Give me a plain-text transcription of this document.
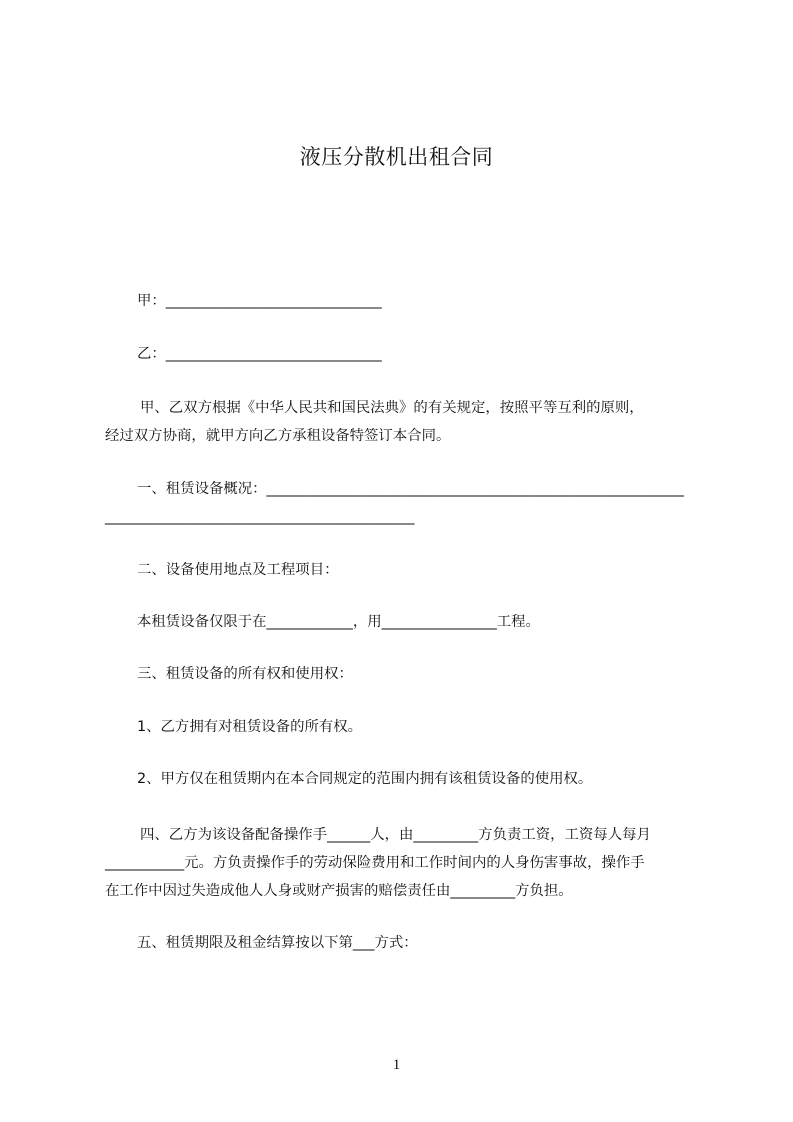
液压分散机出租合同

甲：______________________________

乙：______________________________

甲、乙双方根据《中华人民共和国民法典》的有关规定，按照平等互利的原则，

经过双方协商，就甲方向乙方承租设备特签订本合同。

一、租赁设备概况：__________________________________________________________

___________________________________________

二、设备使用地点及工程项目：

本租赁设备仅限于在____________，用________________工程。

三、租赁设备的所有权和使用权：

1、乙方拥有对租赁设备的所有权。

2、甲方仅在租赁期内在本合同规定的范围内拥有该租赁设备的使用权。

四、乙方为该设备配备操作手______人，由_________方负责工资，工资每人每月

___________元。方负责操作手的劳动保险费用和工作时间内的人身伤害事故，操作手

在工作中因过失造成他人人身或财产损害的赔偿责任由_________方负担。

五、租赁期限及租金结算按以下第___方式：

1
